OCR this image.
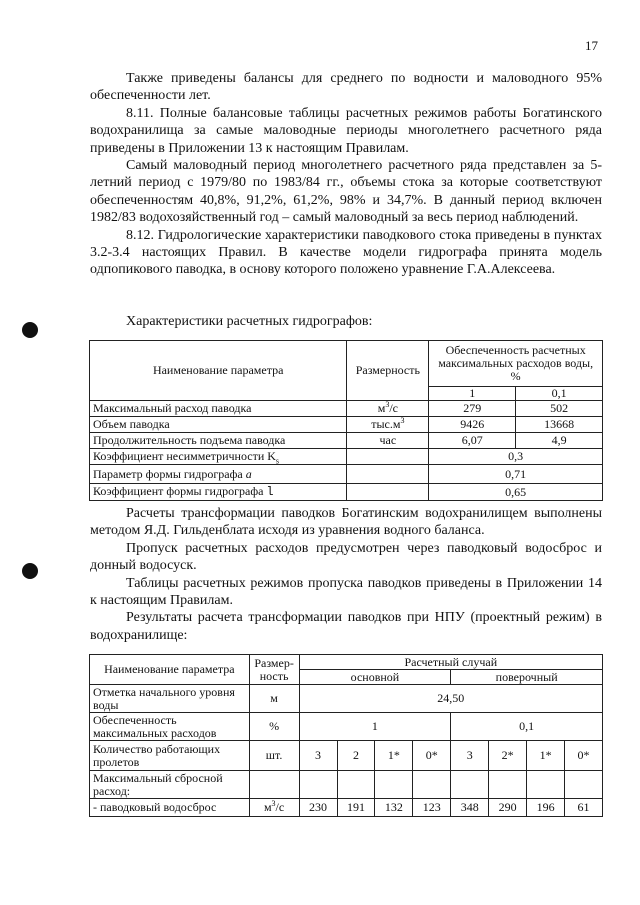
17

Также приведены балансы для среднего по водности и маловодного 95% обеспеченности лет.

8.11. Полные балансовые таблицы расчетных режимов работы Богатинского водохранилища за самые маловодные периоды многолетнего расчетного ряда приведены в Приложении 13 к настоящим Правилам.

Самый маловодный период многолетнего расчетного ряда представлен за 5-летний период с 1979/80 по 1983/84 гг., объемы стока за которые соответствуют обеспеченностям 40,8%, 91,2%, 61,2%, 98% и 34,7%. В данный период включен 1982/83 водохозяйственный год – самый маловодный за весь период наблюдений.

8.12. Гидрологические характеристики паводкового стока приведены в пунктах 3.2-3.4 настоящих Правил. В качестве модели гидрографа принята модель одпопикового паводка, в основу которого положено уравнение Г.А.Алексеева.

Характеристики расчетных гидрографов:
Наименование параметра	Размерность	Обеспеченность расчетных максимальных расходов воды, %	
		1	0,1
Максимальный расход паводка	$м^3/с$	279	502
Объем паводка	$тыс.м^3$	9426	13668
Продолжительность подъема паводка	час	6,07	4,9
Коэффициент несимметричности $K_s$		0,3	
Параметр формы гидрографа a		0,71	
Коэффициент формы гидрографа l		0,65	

Расчеты трансформации паводков Богатинским водохранилищем выполнены методом Я.Д. Гильденблата исходя из уравнения водного баланса.

Пропуск расчетных расходов предусмотрен через паводковый водосброс и донный водосуск.

Таблицы расчетных режимов пропуска паводков приведены в Приложении 14 к настоящим Правилам.

Результаты расчета трансформации паводков при НПУ (проектный режим) в водохранилище:

Наименование параметра	Размер-ность	Расчетный случай							
		основной				поверочный			
Отметка начального уровня воды	м	24,50							
Обеспеченность максимальных расходов	%	1				0,1			
Количество работающих пролетов	шт.	3	2	1*	0*	3	2*	1*	0*
Максимальный сбросной расход:									
- паводковый водосброс	$м^3/с$	230	191	132	123	348	290	196	61
